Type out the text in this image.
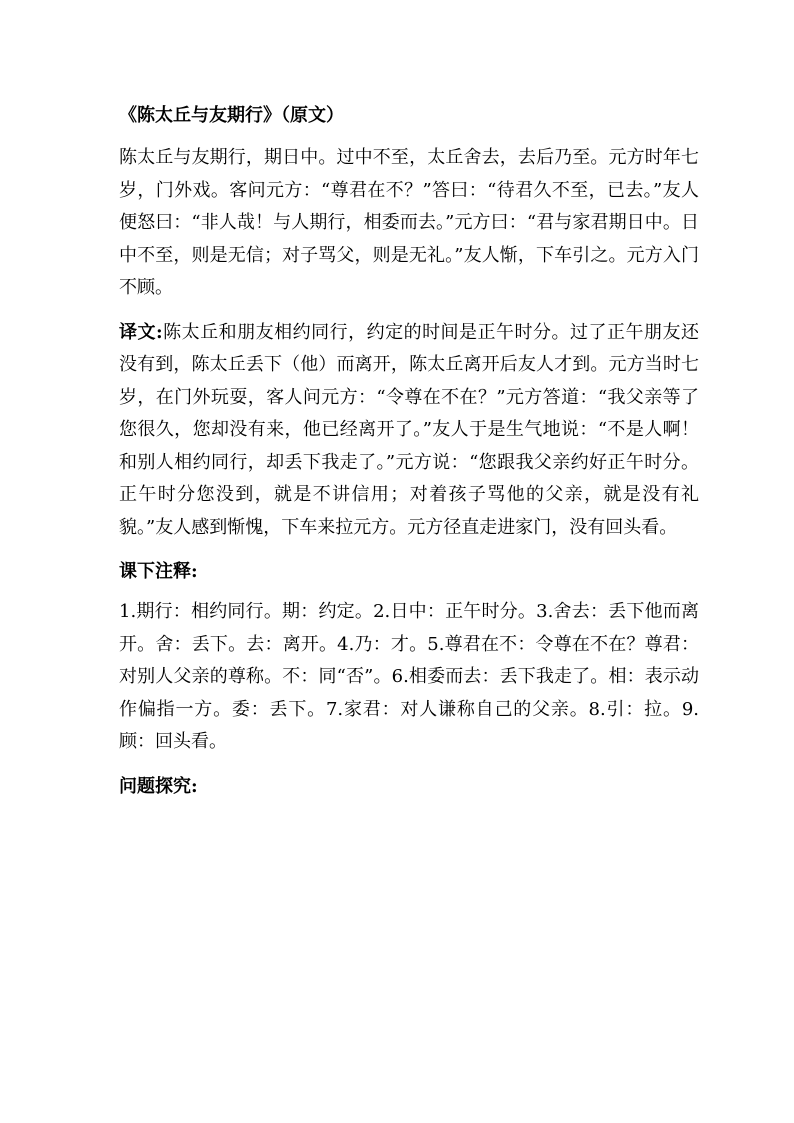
《陈太丘与友期行》（原文）
陈太丘与友期行，期日中。过中不至，太丘舍去，去后乃至。元方时年七岁，门外戏。客问元方：“尊君在不？”答曰：“待君久不至，已去。”友人便怒曰：“非人哉！与人期行，相委而去。”元方曰：“君与家君期日中。日中不至，则是无信；对子骂父，则是无礼。”友人惭，下车引之。元方入门不顾。
译文:陈太丘和朋友相约同行，约定的时间是正午时分。过了正午朋友还没有到，陈太丘丢下（他）而离开，陈太丘离开后友人才到。元方当时七岁，在门外玩耍，客人问元方：“令尊在不在？”元方答道：“我父亲等了您很久，您却没有来，他已经离开了。”友人于是生气地说：“不是人啊！和别人相约同行，却丢下我走了。”元方说：“您跟我父亲约好正午时分。正午时分您没到，就是不讲信用；对着孩子骂他的父亲，就是没有礼貌。”友人感到惭愧，下车来拉元方。元方径直走进家门，没有回头看。
课下注释:
1.期行：相约同行。期：约定。2.日中：正午时分。3.舍去：丢下他而离开。舍：丢下。去：离开。4.乃：才。5.尊君在不：令尊在不在？尊君：对别人父亲的尊称。不：同“否”。6.相委而去：丢下我走了。相：表示动作偏指一方。委：丢下。7.家君：对人谦称自己的父亲。8.引：拉。9.顾：回头看。
问题探究:
